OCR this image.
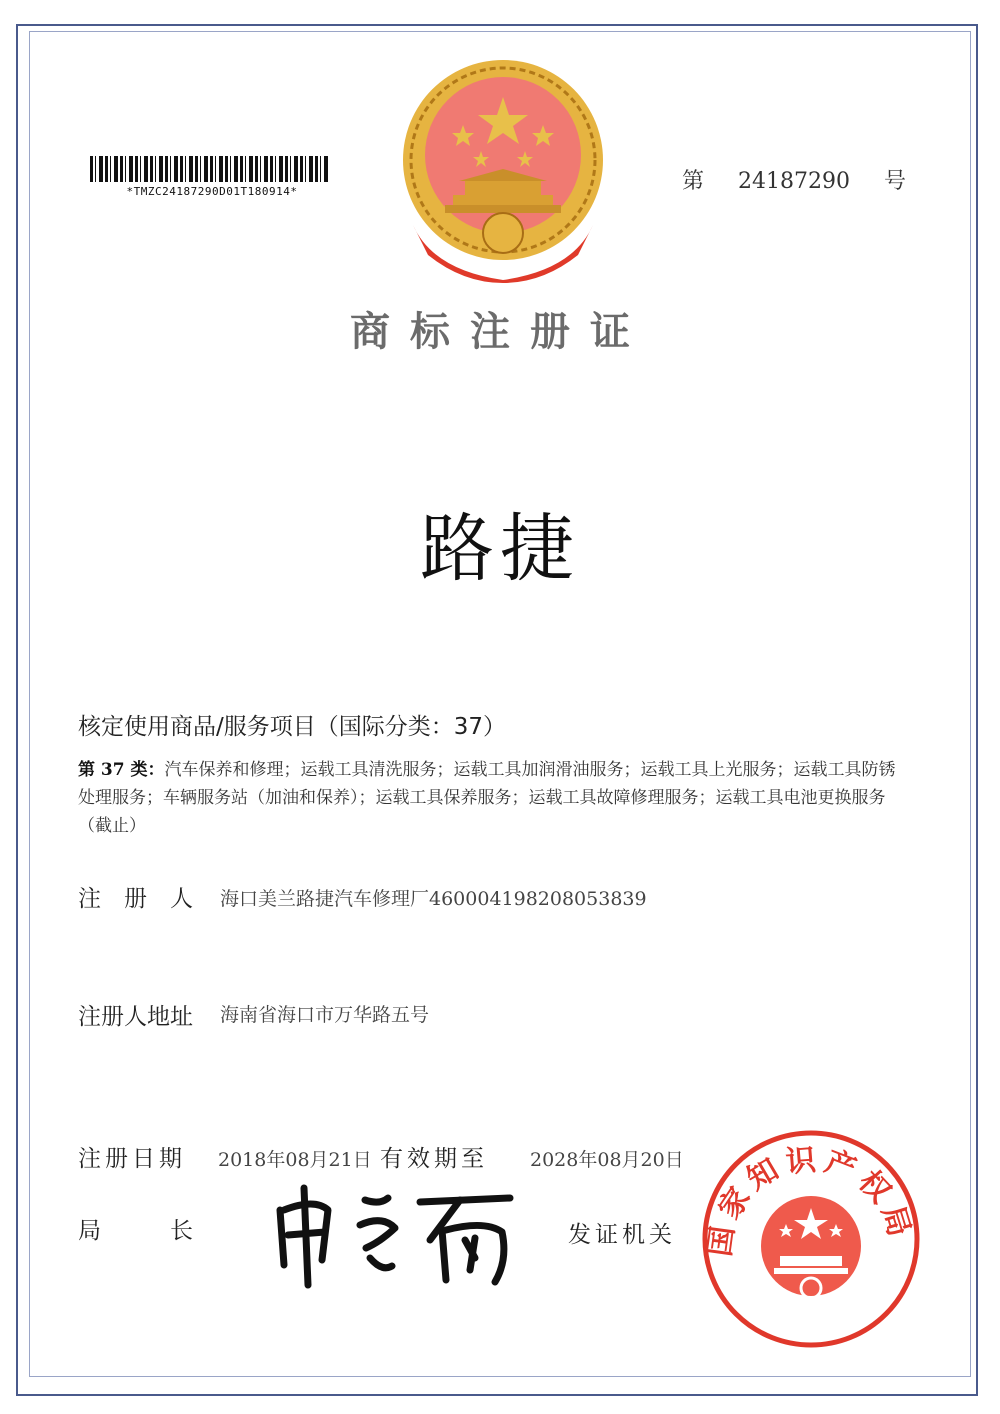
*TMZC24187290D01T180914*	第 24187290 号
商标注册证
路捷
核定使用商品/服务项目（国际分类：37）
第 37 类：汽车保养和修理；运载工具清洗服务；运载工具加润滑油服务；运载工具上光服务；运载工具防锈处理服务；车辆服务站（加油和保养）；运载工具保养服务；运载工具故障修理服务；运载工具电池更换服务（截止）
注　册　人 海口美兰路捷汽车修理厂460004198208053839
注册人地址 海南省海口市万华路五号
注册日期 2018年08月21日 有效期至 2028年08月20日
局　　　长	发证机关 国家知识产权局
